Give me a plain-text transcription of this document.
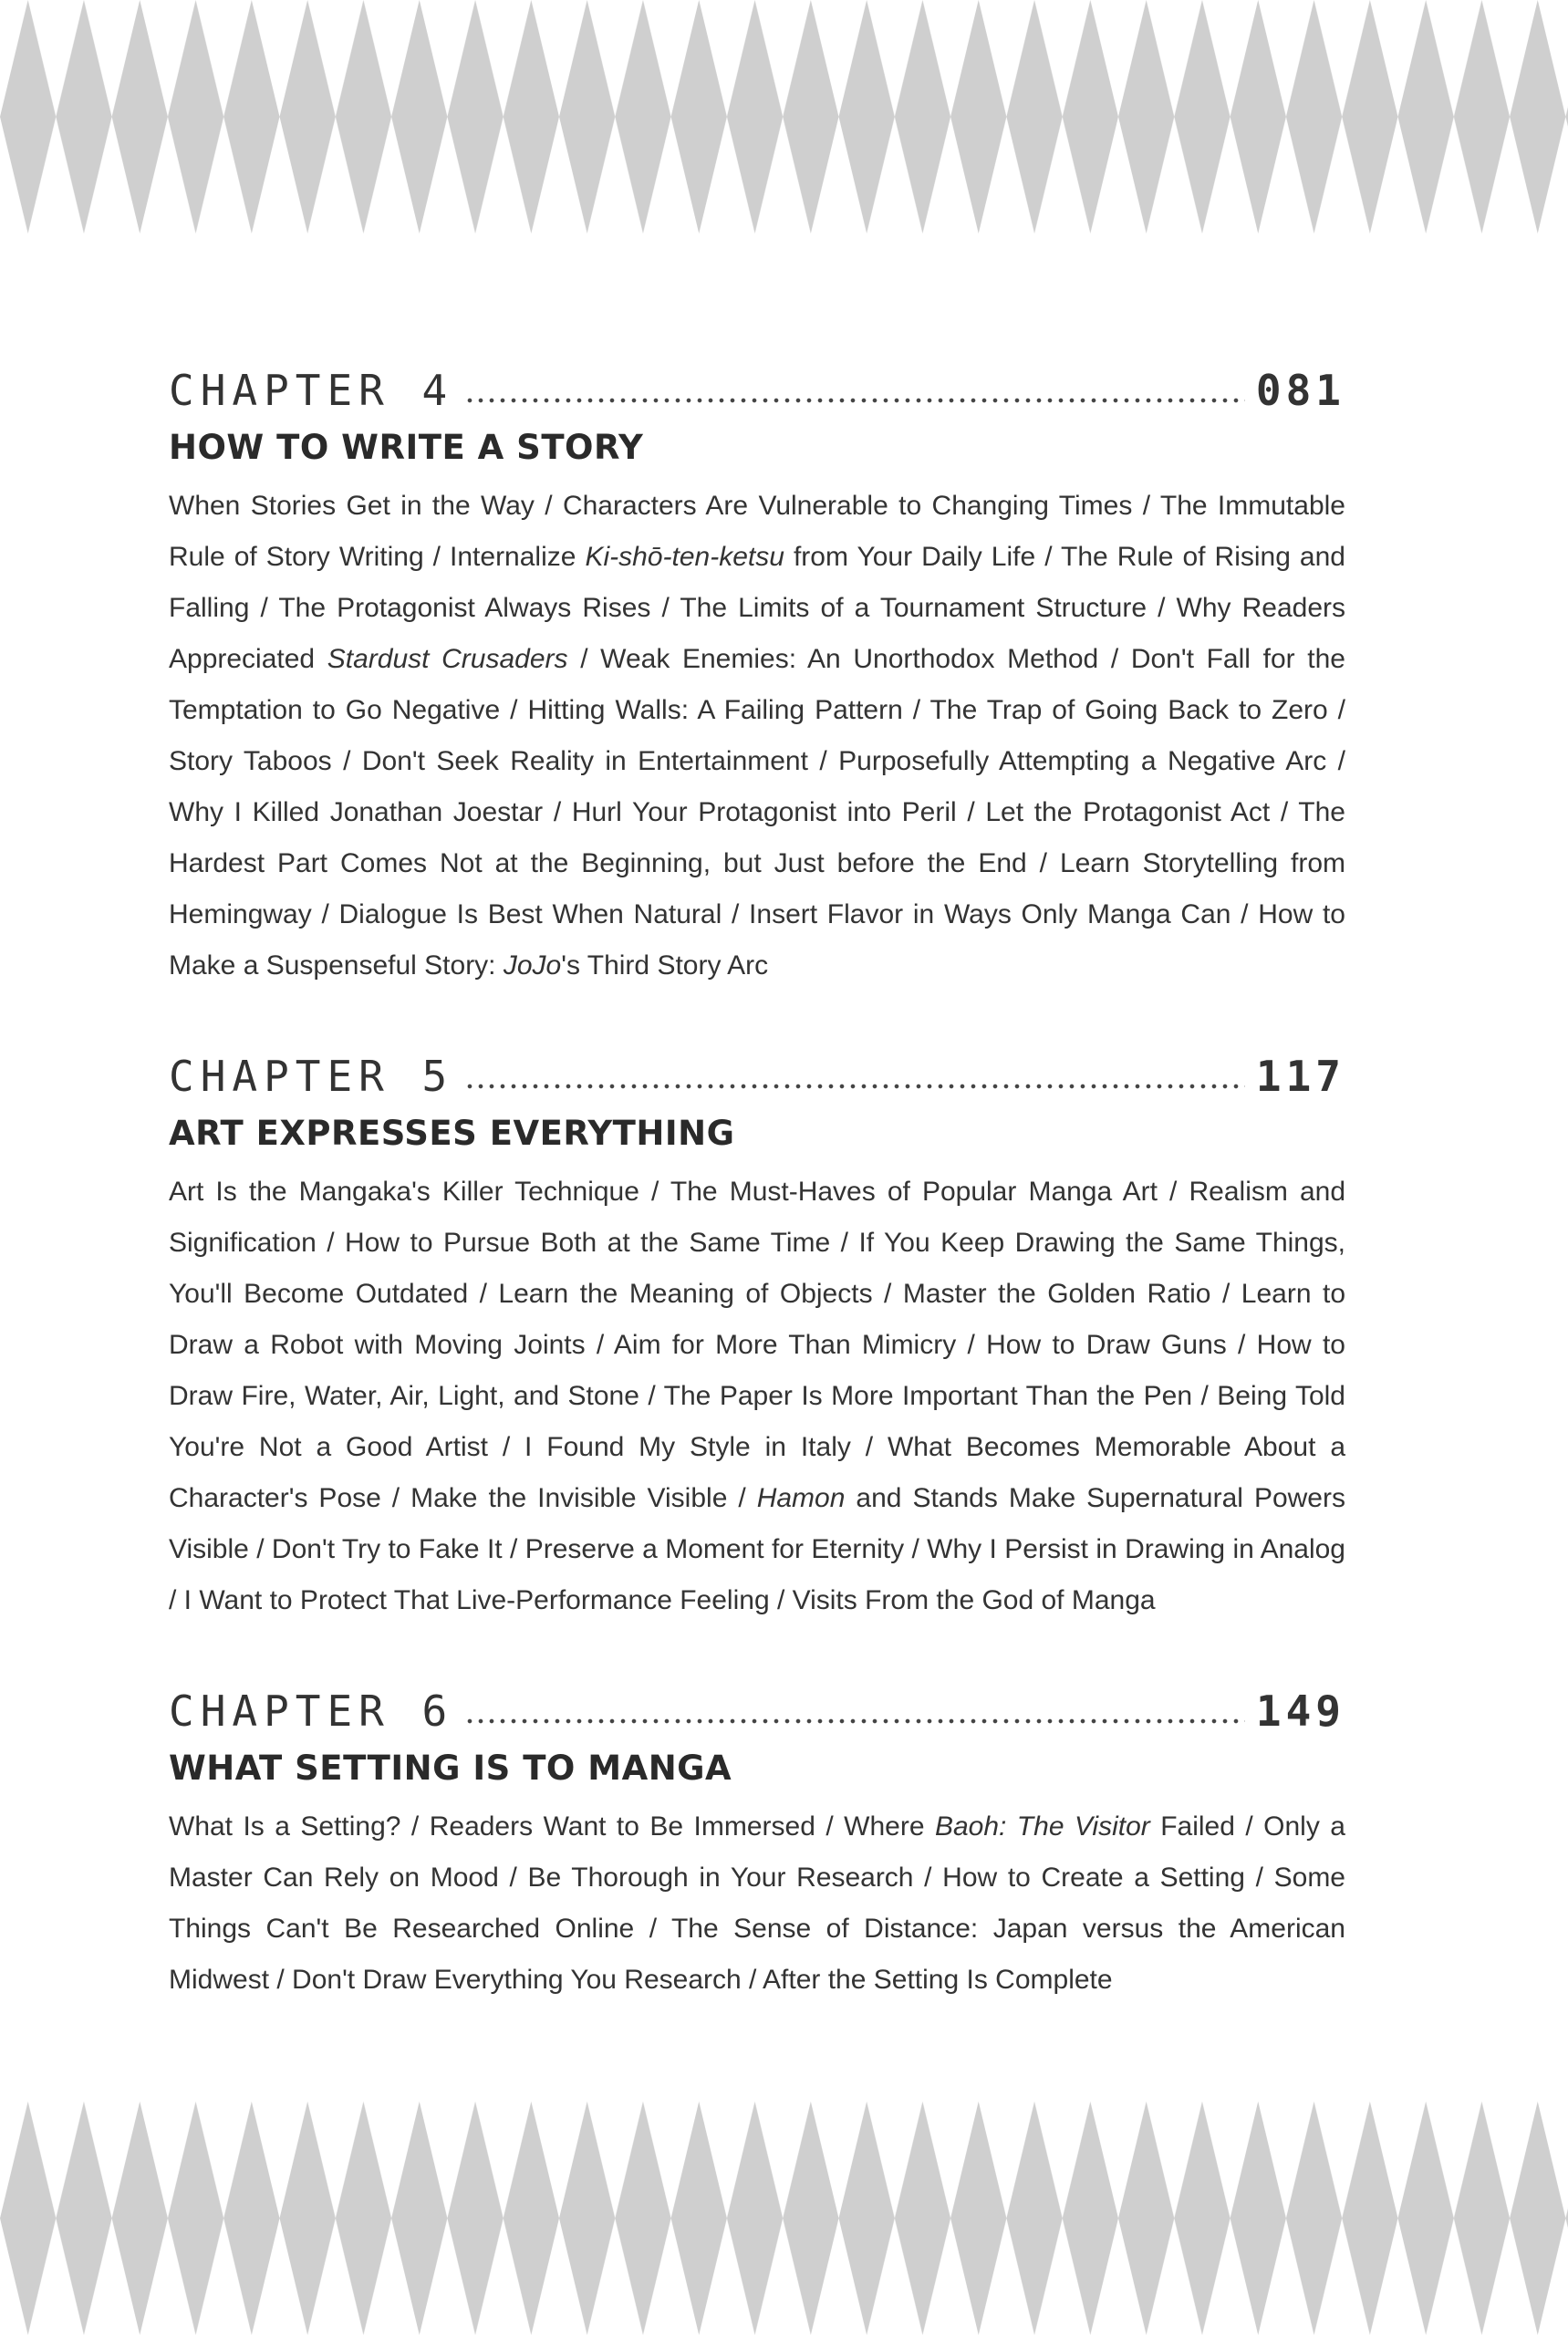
CHAPTER 4	081
HOW TO WRITE A STORY

When Stories Get in the Way / Characters Are Vulnerable to Changing Times / The Immutable Rule of Story Writing / Internalize Ki-shō-ten-ketsu from Your Daily Life / The Rule of Rising and Falling / The Protagonist Always Rises / The Limits of a Tournament Structure / Why Readers Appreciated Stardust Crusaders / Weak Enemies: An Unorthodox Method / Don't Fall for the Temptation to Go Negative / Hitting Walls: A Failing Pattern / The Trap of Going Back to Zero / Story Taboos / Don't Seek Reality in Entertainment / Purposefully Attempting a Negative Arc / Why I Killed Jonathan Joestar / Hurl Your Protagonist into Peril / Let the Protagonist Act / The Hardest Part Comes Not at the Beginning, but Just before the End / Learn Storytelling from Hemingway / Dialogue Is Best When Natural / Insert Flavor in Ways Only Manga Can / How to Make a Suspenseful Story: JoJo's Third Story Arc

CHAPTER 5	117
ART EXPRESSES EVERYTHING

Art Is the Mangaka's Killer Technique / The Must-Haves of Popular Manga Art / Realism and Signification / How to Pursue Both at the Same Time / If You Keep Drawing the Same Things, You'll Become Outdated / Learn the Meaning of Objects / Master the Golden Ratio / Learn to Draw a Robot with Moving Joints / Aim for More Than Mimicry / How to Draw Guns / How to Draw Fire, Water, Air, Light, and Stone / The Paper Is More Important Than the Pen / Being Told You're Not a Good Artist / I Found My Style in Italy / What Becomes Memorable About a Character's Pose / Make the Invisible Visible / Hamon and Stands Make Supernatural Powers Visible / Don't Try to Fake It / Preserve a Moment for Eternity / Why I Persist in Drawing in Analog / I Want to Protect That Live-Performance Feeling / Visits From the God of Manga

CHAPTER 6	149
WHAT SETTING IS TO MANGA

What Is a Setting? / Readers Want to Be Immersed / Where Baoh: The Visitor Failed / Only a Master Can Rely on Mood / Be Thorough in Your Research / How to Create a Setting / Some Things Can't Be Researched Online / The Sense of Distance: Japan versus the American Midwest / Don't Draw Everything You Research / After the Setting Is Complete
